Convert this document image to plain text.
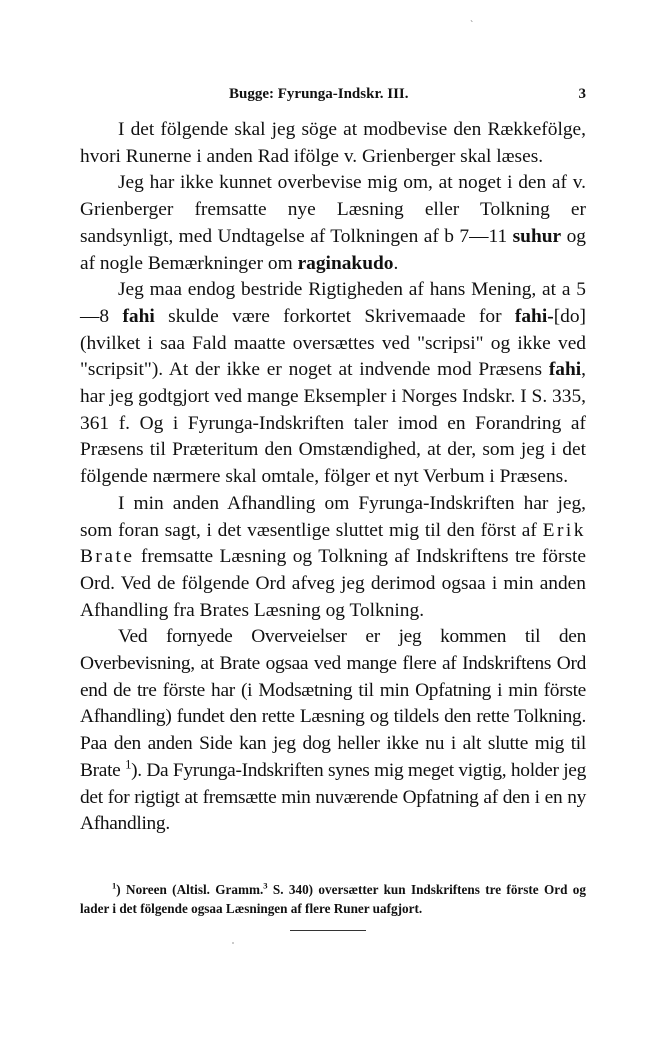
ˋ
Bugge: Fyrunga-Indskr. III.	3

I det fölgende skal jeg söge at modbevise den Rækkefölge, hvori Runerne i anden Rad ifölge v. Grienberger skal læses.

Jeg har ikke kunnet overbevise mig om, at noget i den af v. Grienberger fremsatte nye Læsning eller Tolkning er sandsynligt, med Undtagelse af Tolkningen af b 7—11 suhur og af nogle Bemærkninger om raginakudo.

Jeg maa endog bestride Rigtigheden af hans Mening, at a 5—8 fahi skulde være forkortet Skrivemaade for fahi-[do] (hvilket i saa Fald maatte oversættes ved "scripsi" og ikke ved "scripsit"). At der ikke er noget at indvende mod Præsens fahi, har jeg godtgjort ved mange Eksempler i Norges Indskr. I S. 335, 361 f. Og i Fyrunga-Indskriften taler imod en Forandring af Præsens til Præteritum den Omstændighed, at der, som jeg i det fölgende nærmere skal omtale, fölger et nyt Verbum i Præsens.

I min anden Afhandling om Fyrunga-Indskriften har jeg, som foran sagt, i det væsentlige sluttet mig til den först af Erik Brate fremsatte Læsning og Tolkning af Indskriftens tre förste Ord. Ved de fölgende Ord afveg jeg derimod ogsaa i min anden Afhandling fra Brates Læsning og Tolkning.

Ved fornyede Overveielser er jeg kommen til den Overbevisning, at Brate ogsaa ved mange flere af Indskriftens Ord end de tre förste har (i Modsætning til min Opfatning i min förste Afhandling) fundet den rette Læsning og tildels den rette Tolkning. Paa den anden Side kan jeg dog heller ikke nu i alt slutte mig til Brate $^1$). Da Fyrunga-Indskriften synes mig meget vigtig, holder jeg det for rigtigt at fremsætte min nuværende Opfatning af den i en ny Afhandling.

$^1$) Noreen (Altisl. Gramm.$^3$ S. 340) oversætter kun Indskriftens tre förste Ord og lader i det fölgende ogsaa Læsningen af flere Runer uafgjort.
